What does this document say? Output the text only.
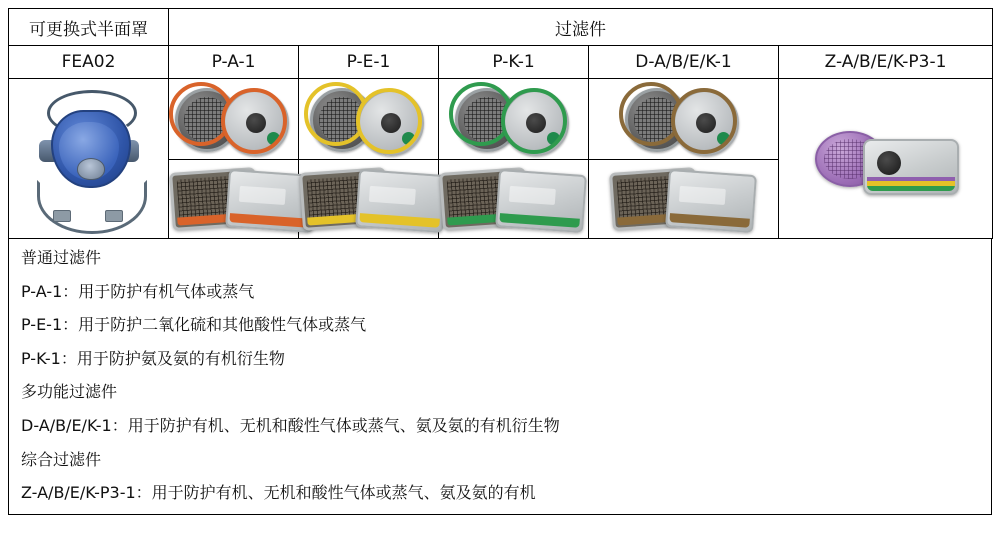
可更换式半面罩	过滤件				
FEA02	P-A-1	P-E-1	P-K-1	D-A/B/E/K-1	Z-A/B/E/K-P3-1

普通过滤件

P-A-1：用于防护有机气体或蒸气

P-E-1：用于防护二氧化硫和其他酸性气体或蒸气

P-K-1：用于防护氨及氨的有机衍生物

多功能过滤件

D-A/B/E/K-1：用于防护有机、无机和酸性气体或蒸气、氨及氨的有机衍生物

综合过滤件

Z-A/B/E/K-P3-1：用于防护有机、无机和酸性气体或蒸气、氨及氨的有机
